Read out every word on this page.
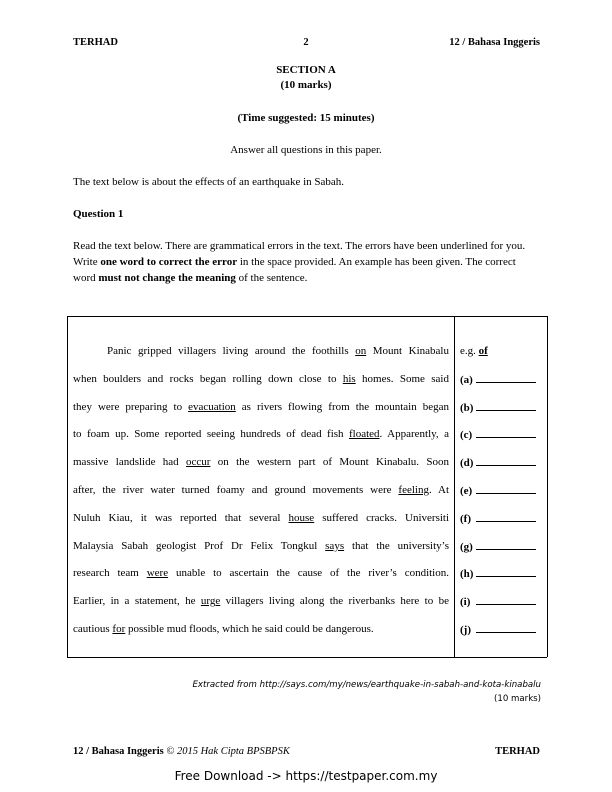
TERHAD	2	12 / Bahasa Inggeris
SECTION A
(10 marks)
(Time suggested: 15 minutes)
Answer all questions in this paper.
The text below is about the effects of an earthquake in Sabah.
Question 1

Read the text below. There are grammatical errors in the text. The errors have been underlined for you.

Write one word to correct the error in the space provided. An example has been given. The correct word must not change the meaning of the sentence.

Panic gripped villagers living around the foothills on Mount Kinabalu
when boulders and rocks began rolling down close to his homes. Some said
they were preparing to evacuation as rivers flowing from the mountain began
to foam up. Some reported seeing hundreds of dead fish floated. Apparently, a
massive landslide had occur on the western part of Mount Kinabalu. Soon
after, the river water turned foamy and ground movements were feeling. At
Nuluh Kiau, it was reported that several house suffered cracks. Universiti
Malaysia Sabah geologist Prof Dr Felix Tongkul says that the university’s
research team were unable to ascertain the cause of the river’s condition.
Earlier, in a statement, he urge villagers living along the riverbanks here to be
cautious for possible mud floods, which he said could be dangerous.
e.g. of
(a)
(b)
(c)
(d)
(e)
(f)
(g)
(h)
(i)
(j)
Extracted from http://says.com/my/news/earthquake-in-sabah-and-kota-kinabalu
(10 marks)
12 / Bahasa Inggeris © 2015 Hak Cipta BPSBPSK	TERHAD
Free Download -> https://testpaper.com.my
